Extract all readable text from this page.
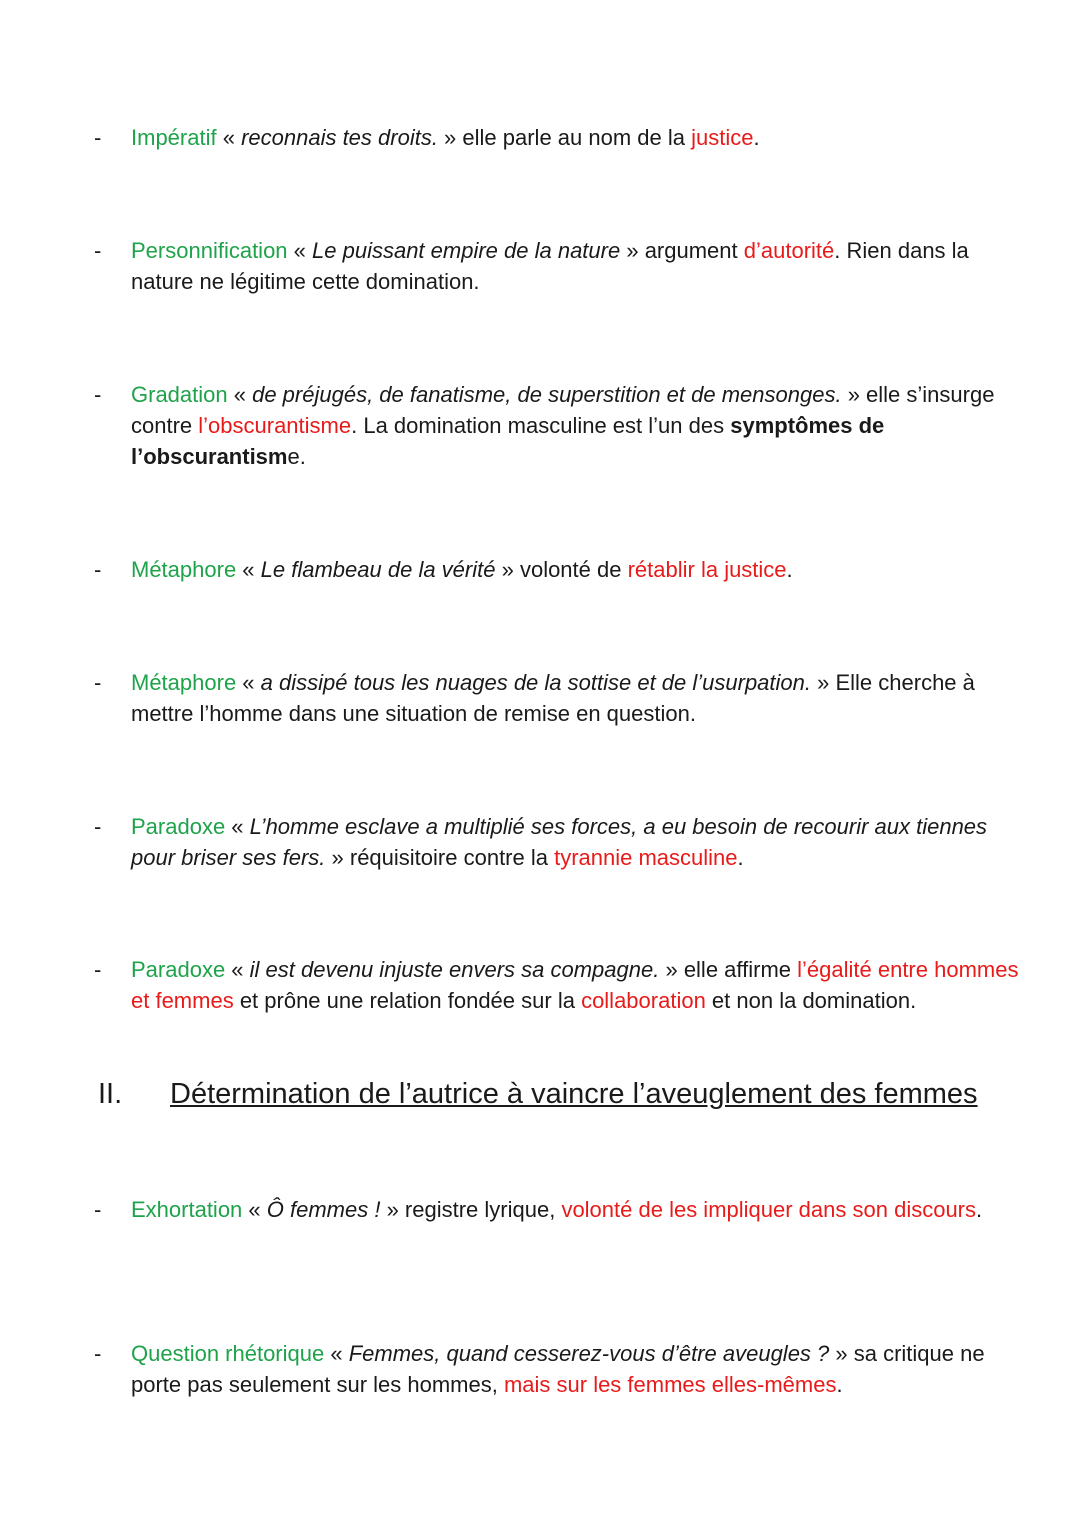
-	Impératif « reconnais tes droits. » elle parle au nom de la justice.
-	Personnification « Le puissant empire de la nature » argument d’autorité. Rien dans la nature ne légitime cette domination.
-	Gradation « de préjugés, de fanatisme, de superstition et de mensonges. » elle s’insurge contre l’obscurantisme. La domination masculine est l’un des symptômes de l’obscurantisme.
-	Métaphore « Le flambeau de la vérité » volonté de rétablir la justice.
-	Métaphore « a dissipé tous les nuages de la sottise et de l’usurpation. » Elle cherche à mettre l’homme dans une situation de remise en question.
-	Paradoxe « L’homme esclave a multiplié ses forces, a eu besoin de recourir aux tiennes pour briser ses fers. » réquisitoire contre la tyrannie masculine.
-	Paradoxe « il est devenu injuste envers sa compagne. » elle affirme l’égalité entre hommes et femmes et prône une relation fondée sur la collaboration et non la domination.
II. Détermination de l’autrice à vaincre l’aveuglement des femmes
-	Exhortation « Ô femmes ! » registre lyrique, volonté de les impliquer dans son discours.
-	Question rhétorique « Femmes, quand cesserez-vous d’être aveugles ? » sa critique ne porte pas seulement sur les hommes, mais sur les femmes elles-mêmes.
